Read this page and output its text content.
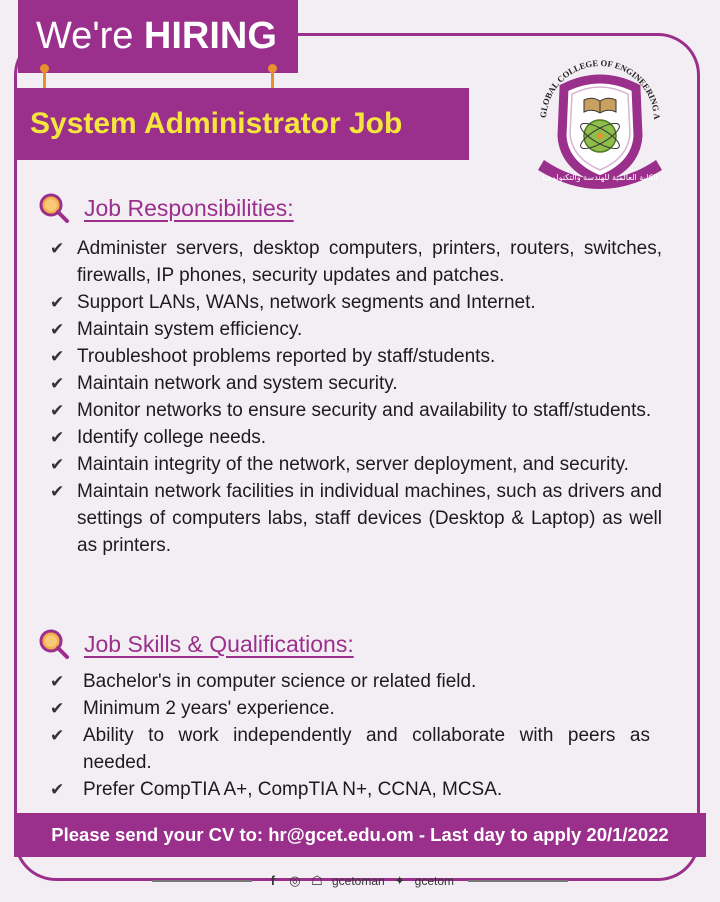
We're HIRING
System Administrator Job	GLOBAL COLLEGE OF ENGINEERING A
الكلية العالمية للهندسة والتكنولوجيا
Job Responsibilities:
✔ Administer servers, desktop computers, printers, routers, switches, firewalls, IP phones, security updates and patches.
✔ Support LANs, WANs, network segments and Internet.
✔ Maintain system efficiency.
✔ Troubleshoot problems reported by staff/students.
✔ Maintain network and system security.
✔ Monitor networks to ensure security and availability to staff/students.
✔ Identify college needs.
✔ Maintain integrity of the network, server deployment, and security.
✔ Maintain network facilities in individual machines, such as drivers and settings of computers labs, staff devices (Desktop & Laptop) as well as printers.
Job Skills & Qualifications:
✔ Bachelor's in computer science or related field.
✔ Minimum 2 years' experience.
✔ Ability to work independently and collaborate with peers as needed.
✔ Prefer CompTIA A+, CompTIA N+, CCNA, MCSA.
Please send your CV to: hr@gcet.edu.om - Last day to apply 20/1/2022
f	◎ ☖ gcetoman ✦ gcetom
